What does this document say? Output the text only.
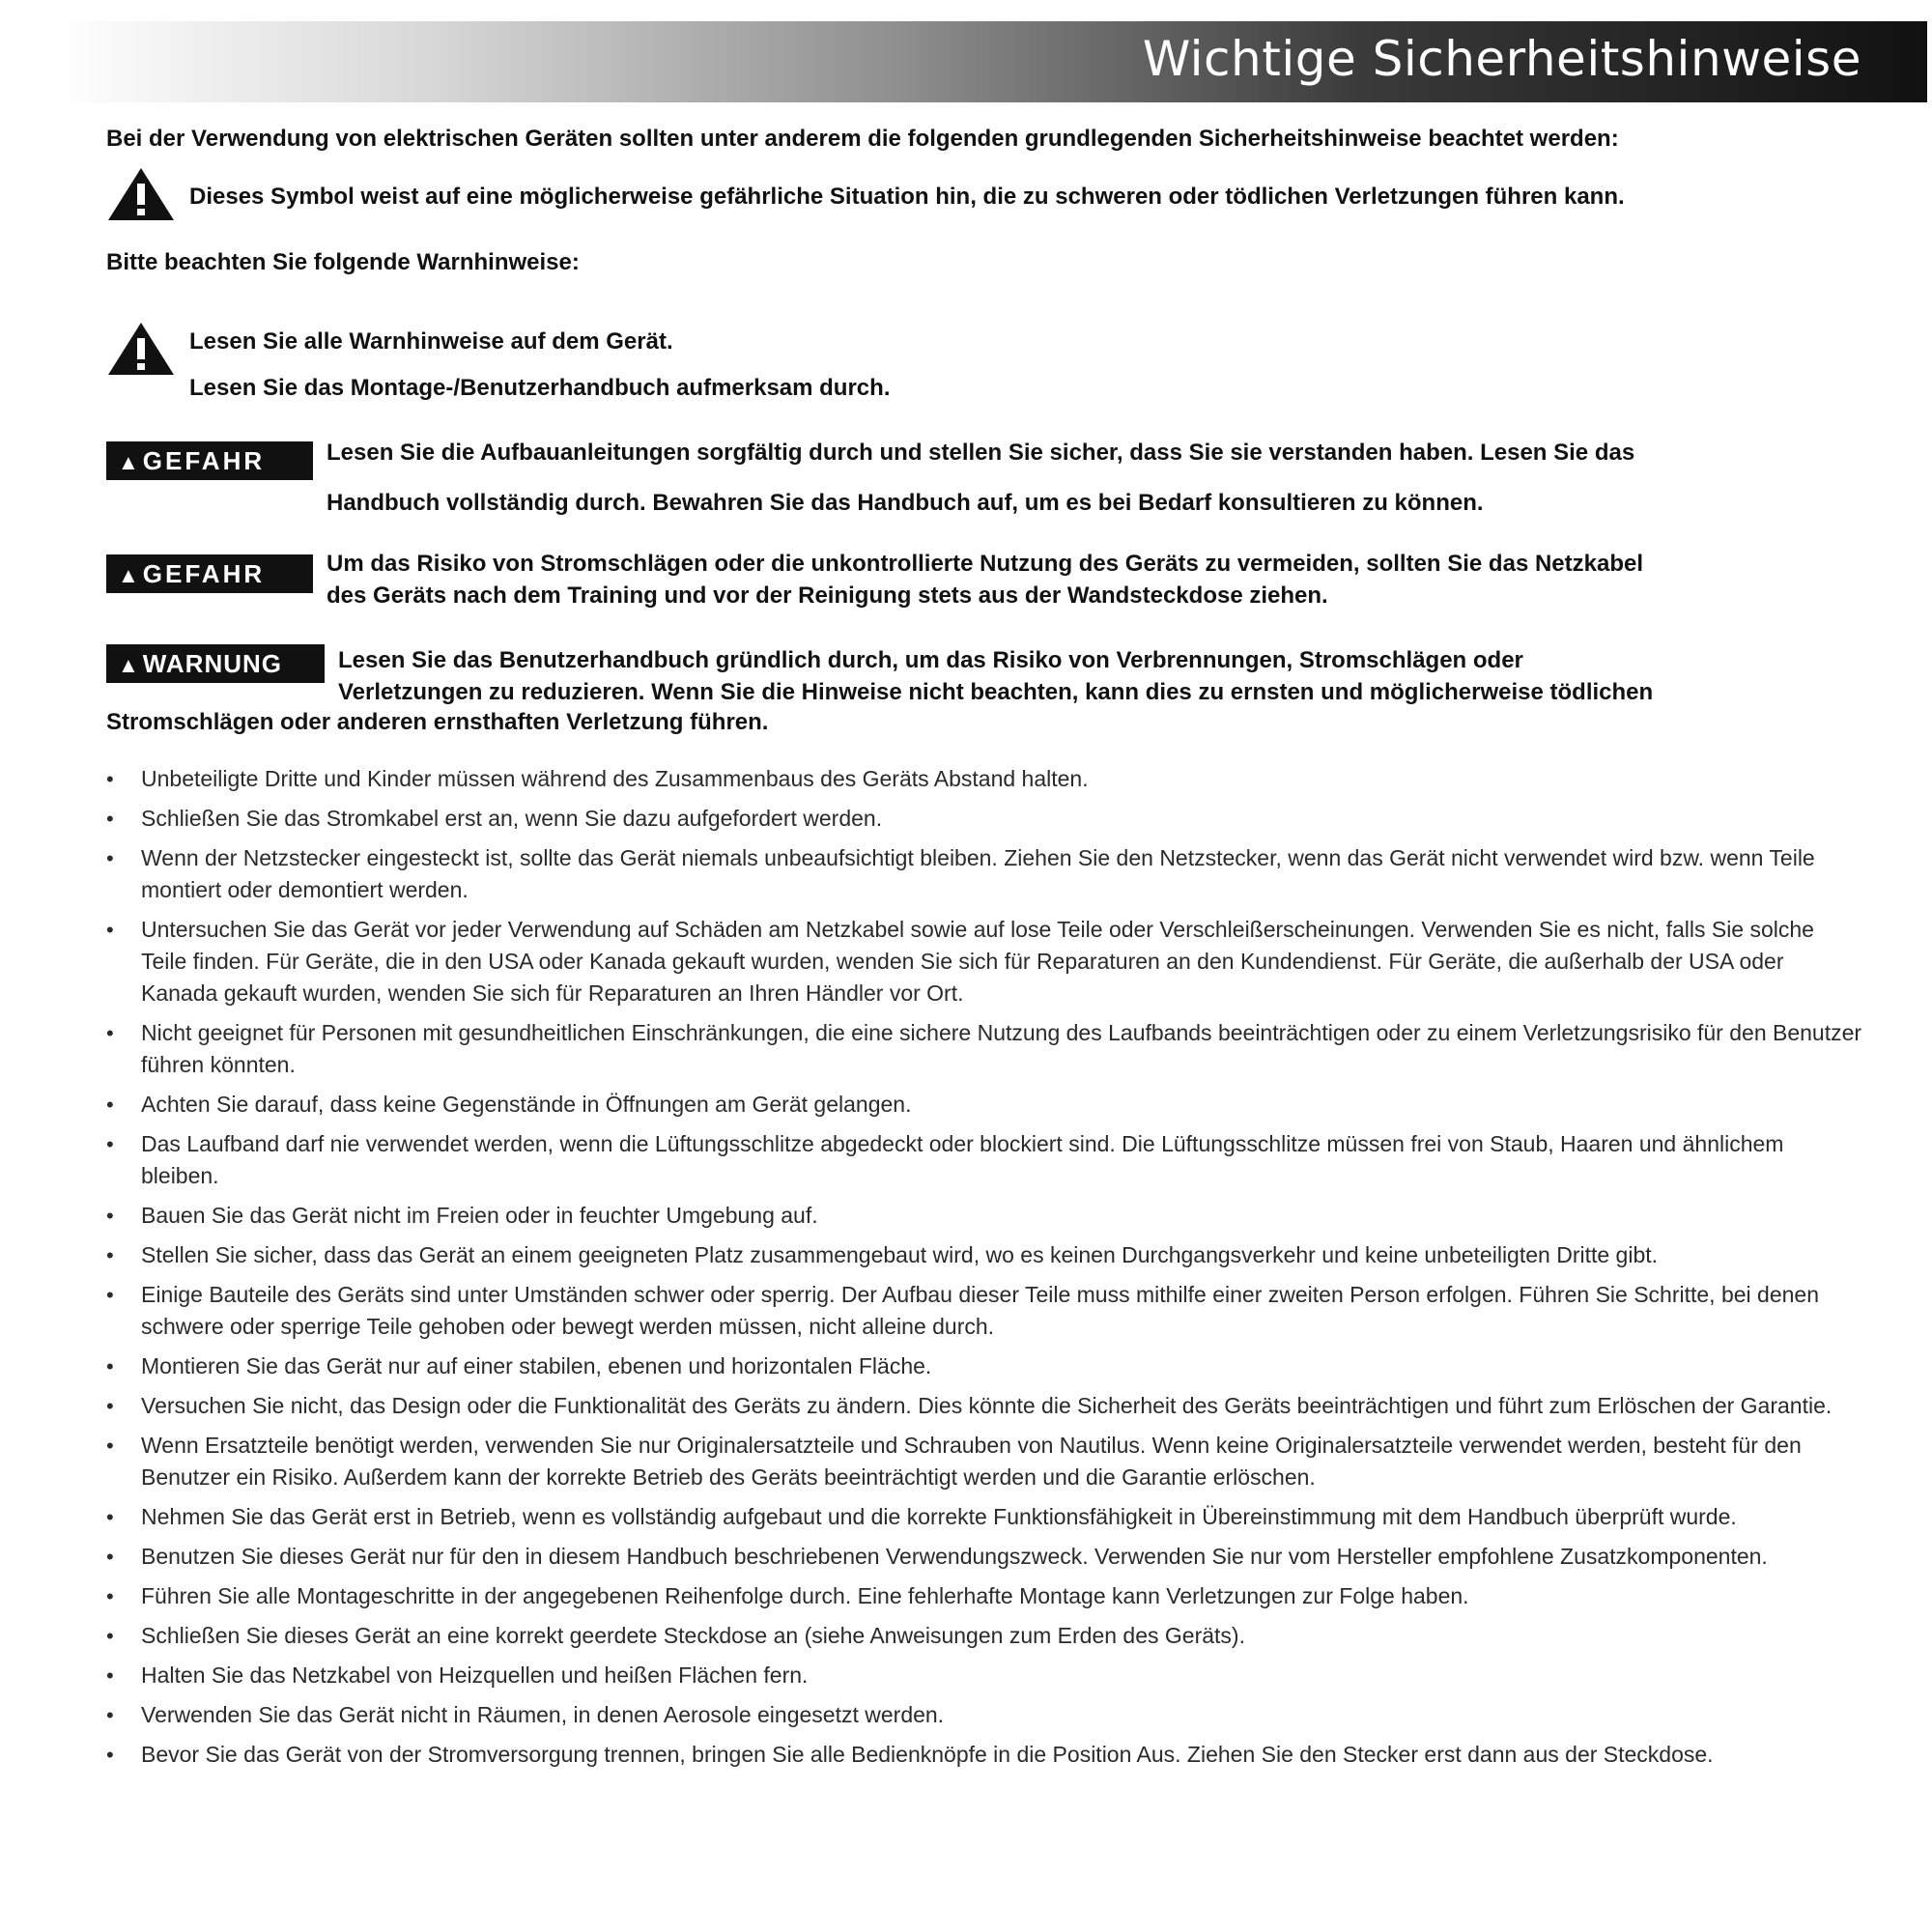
Wichtige Sicherheitshinweise
Bei der Verwendung von elektrischen Geräten sollten unter anderem die folgenden grundlegenden Sicherheitshinweise beachtet werden:
Dieses Symbol weist auf eine möglicherweise gefährliche Situation hin, die zu schweren oder tödlichen Verletzungen führen kann.
Bitte beachten Sie folgende Warnhinweise:
Lesen Sie alle Warnhinweise auf dem Gerät.
Lesen Sie das Montage-/Benutzerhandbuch aufmerksam durch.
▲ GEFAHR	Lesen Sie die Aufbauanleitungen sorgfältig durch und stellen Sie sicher, dass Sie sie verstanden haben. Lesen Sie das
Handbuch vollständig durch. Bewahren Sie das Handbuch auf, um es bei Bedarf konsultieren zu können.
▲ GEFAHR	Um das Risiko von Stromschlägen oder die unkontrollierte Nutzung des Geräts zu vermeiden, sollten Sie das Netzkabel
des Geräts nach dem Training und vor der Reinigung stets aus der Wandsteckdose ziehen.
▲ WARNUNG	Lesen Sie das Benutzerhandbuch gründlich durch, um das Risiko von Verbrennungen, Stromschlägen oder
Verletzungen zu reduzieren. Wenn Sie die Hinweise nicht beachten, kann dies zu ernsten und möglicherweise tödlichen
Stromschlägen oder anderen ernsthaften Verletzung führen.
• Unbeteiligte Dritte und Kinder müssen während des Zusammenbaus des Geräts Abstand halten.
• Schließen Sie das Stromkabel erst an, wenn Sie dazu aufgefordert werden.
• Wenn der Netzstecker eingesteckt ist, sollte das Gerät niemals unbeaufsichtigt bleiben. Ziehen Sie den Netzstecker, wenn das Gerät nicht verwendet wird bzw. wenn Teile montiert oder demontiert werden.
• Untersuchen Sie das Gerät vor jeder Verwendung auf Schäden am Netzkabel sowie auf lose Teile oder Verschleißerscheinungen. Verwenden Sie es nicht, falls Sie solche Teile finden. Für Geräte, die in den USA oder Kanada gekauft wurden, wenden Sie sich für Reparaturen an den Kundendienst. Für Geräte, die außerhalb der USA oder Kanada gekauft wurden, wenden Sie sich für Reparaturen an Ihren Händler vor Ort.
• Nicht geeignet für Personen mit gesundheitlichen Einschränkungen, die eine sichere Nutzung des Laufbands beeinträchtigen oder zu einem Verletzungsrisiko für den Benutzer führen könnten.
• Achten Sie darauf, dass keine Gegenstände in Öffnungen am Gerät gelangen.
• Das Laufband darf nie verwendet werden, wenn die Lüftungsschlitze abgedeckt oder blockiert sind. Die Lüftungsschlitze müssen frei von Staub, Haaren und ähnlichem bleiben.
• Bauen Sie das Gerät nicht im Freien oder in feuchter Umgebung auf.
• Stellen Sie sicher, dass das Gerät an einem geeigneten Platz zusammengebaut wird, wo es keinen Durchgangsverkehr und keine unbeteiligten Dritte gibt.
• Einige Bauteile des Geräts sind unter Umständen schwer oder sperrig. Der Aufbau dieser Teile muss mithilfe einer zweiten Person erfolgen. Führen Sie Schritte, bei denen schwere oder sperrige Teile gehoben oder bewegt werden müssen, nicht alleine durch.
• Montieren Sie das Gerät nur auf einer stabilen, ebenen und horizontalen Fläche.
• Versuchen Sie nicht, das Design oder die Funktionalität des Geräts zu ändern. Dies könnte die Sicherheit des Geräts beeinträchtigen und führt zum Erlöschen der Garantie.
• Wenn Ersatzteile benötigt werden, verwenden Sie nur Originalersatzteile und Schrauben von Nautilus. Wenn keine Originalersatzteile verwendet werden, besteht für den Benutzer ein Risiko. Außerdem kann der korrekte Betrieb des Geräts beeinträchtigt werden und die Garantie erlöschen.
• Nehmen Sie das Gerät erst in Betrieb, wenn es vollständig aufgebaut und die korrekte Funktionsfähigkeit in Übereinstimmung mit dem Handbuch überprüft wurde.
• Benutzen Sie dieses Gerät nur für den in diesem Handbuch beschriebenen Verwendungszweck. Verwenden Sie nur vom Hersteller empfohlene Zusatzkomponenten.
• Führen Sie alle Montageschritte in der angegebenen Reihenfolge durch. Eine fehlerhafte Montage kann Verletzungen zur Folge haben.
• Schließen Sie dieses Gerät an eine korrekt geerdete Steckdose an (siehe Anweisungen zum Erden des Geräts).
• Halten Sie das Netzkabel von Heizquellen und heißen Flächen fern.
• Verwenden Sie das Gerät nicht in Räumen, in denen Aerosole eingesetzt werden.
• Bevor Sie das Gerät von der Stromversorgung trennen, bringen Sie alle Bedienknöpfe in die Position Aus. Ziehen Sie den Stecker erst dann aus der Steckdose.
